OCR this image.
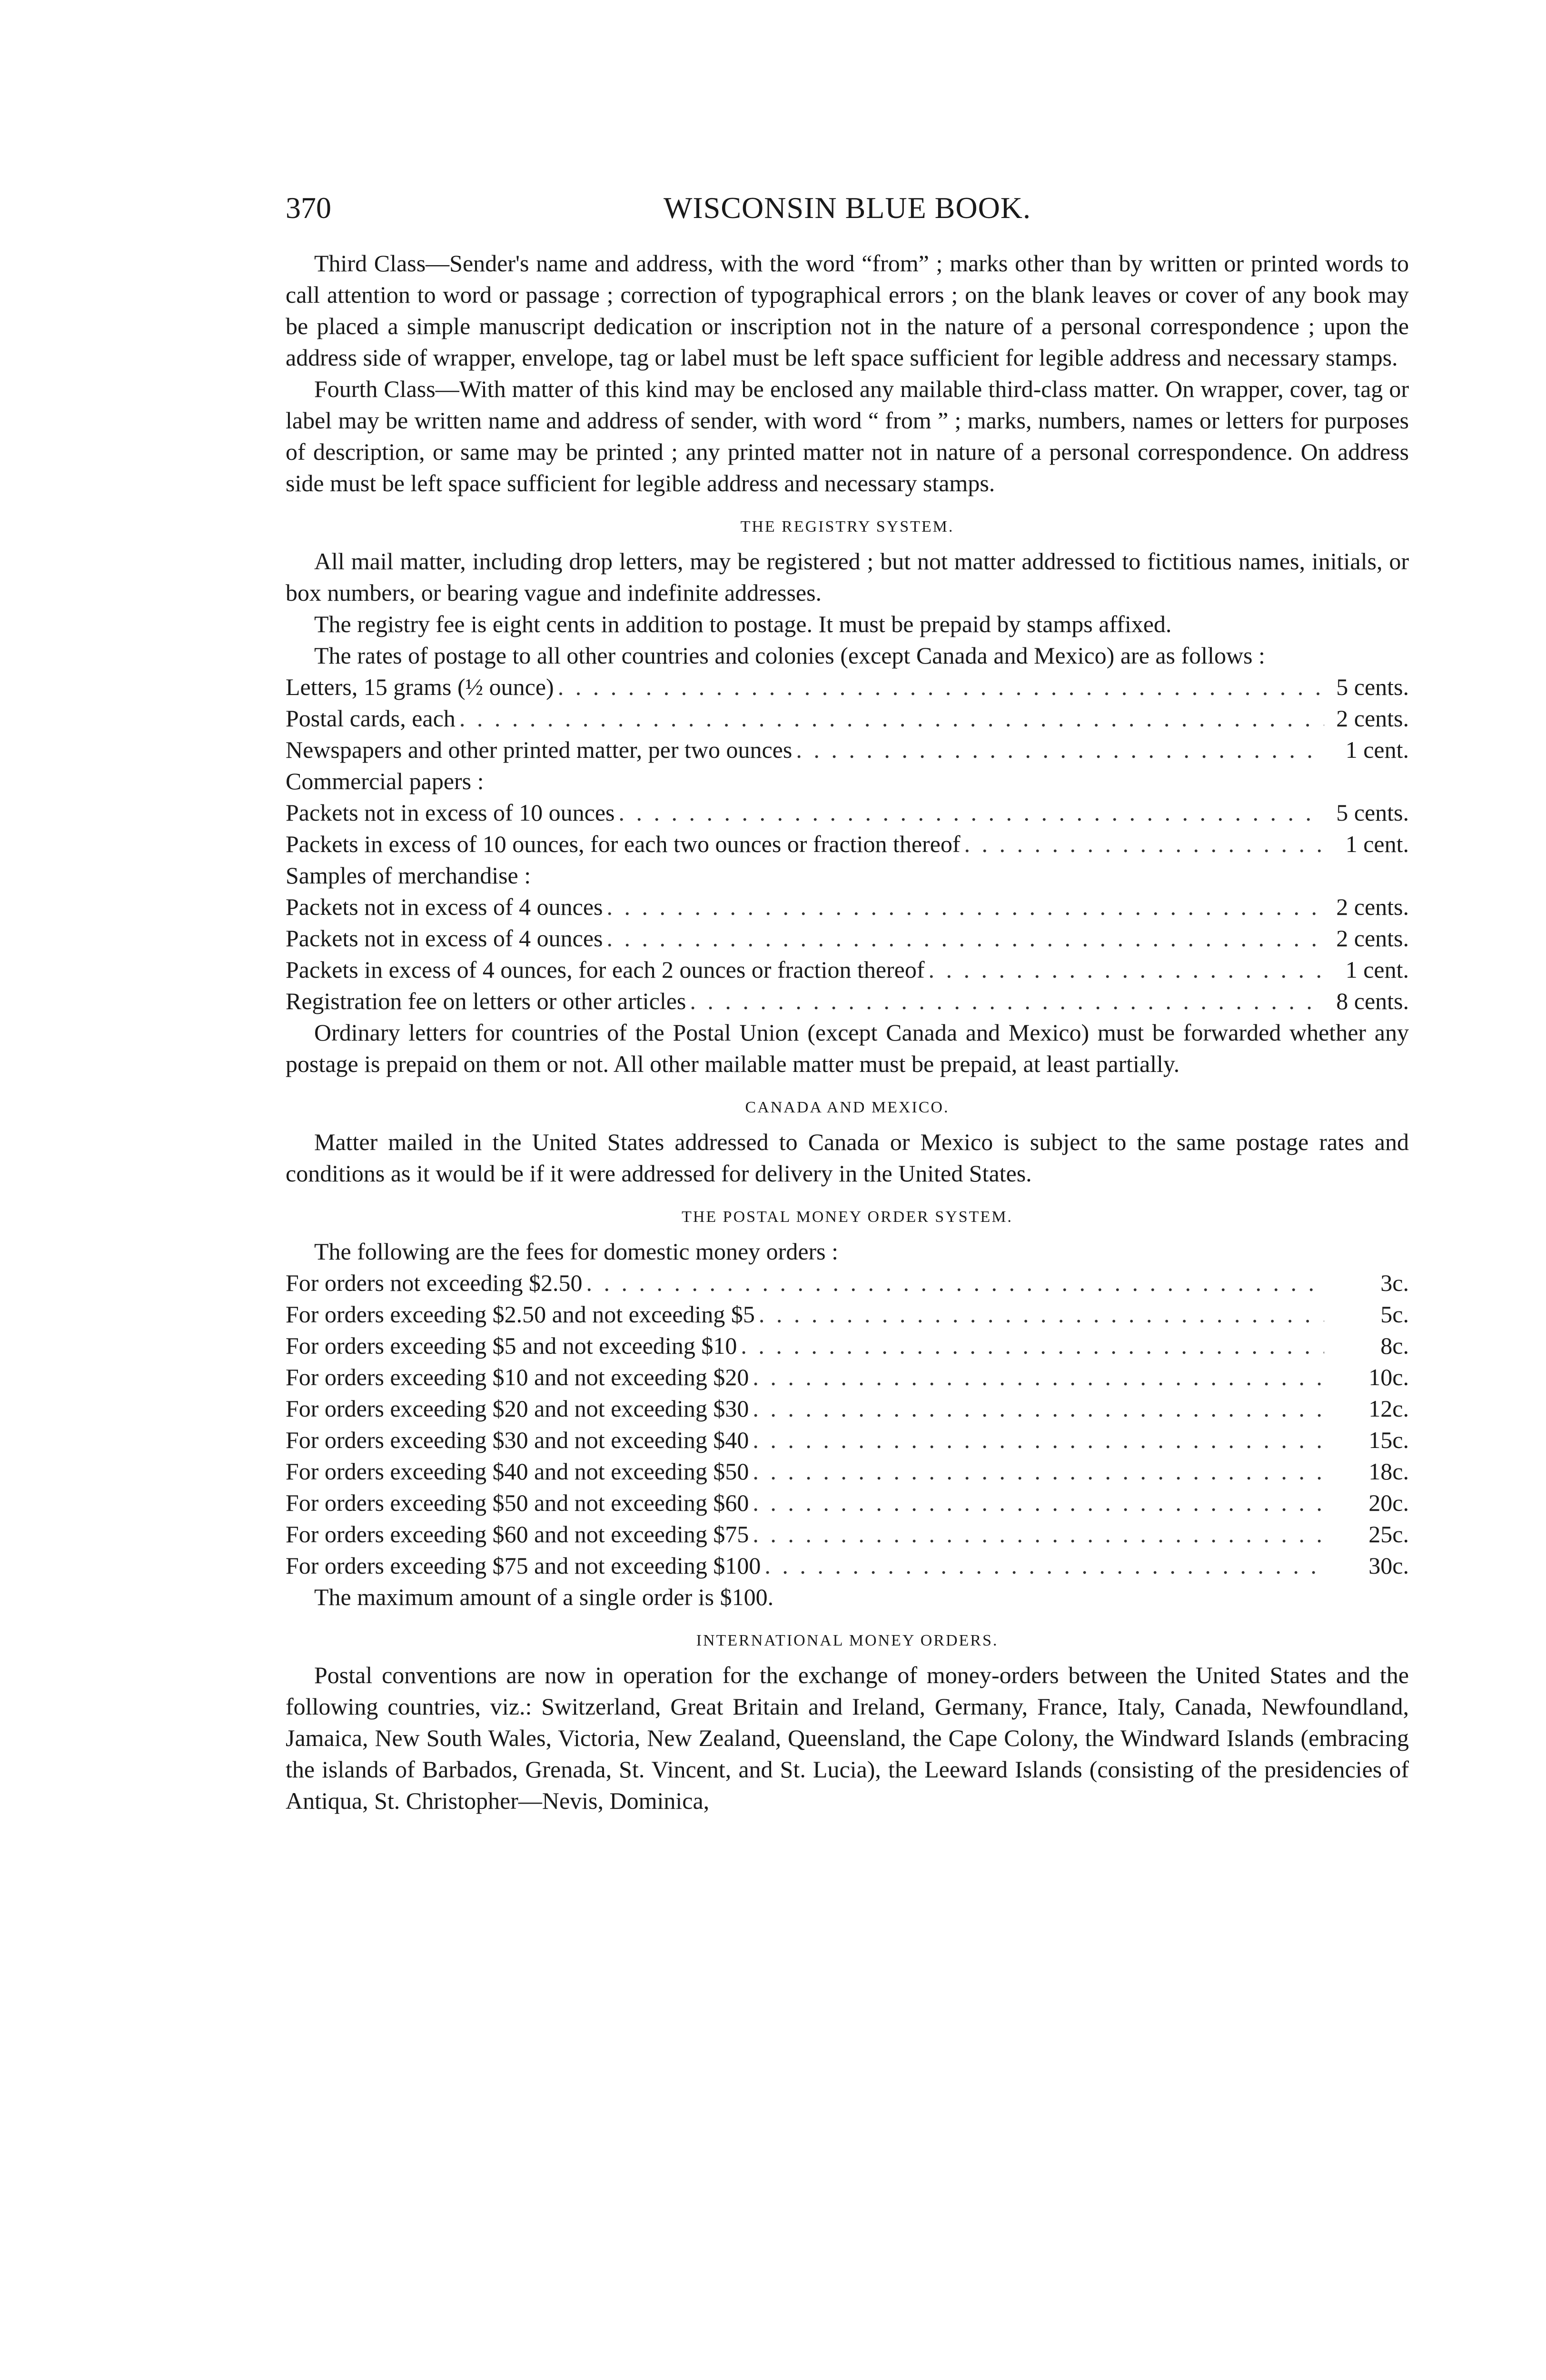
370	WISCONSIN BLUE BOOK.

Third Class—Sender's name and address, with the word “from” ; marks other than by written or printed words to call attention to word or passage ; correction of typographical errors ; on the blank leaves or cover of any book may be placed a simple manuscript dedication or inscription not in the nature of a personal correspondence ; upon the address side of wrapper, envelope, tag or label must be left space sufficient for legible address and necessary stamps.

Fourth Class—With matter of this kind may be enclosed any mailable third-class matter. On wrapper, cover, tag or label may be written name and address of sender, with word “ from ” ; marks, numbers, names or letters for purposes of description, or same may be printed ; any printed matter not in nature of a personal correspondence. On address side must be left space sufficient for legible address and necessary stamps.

THE REGISTRY SYSTEM.

All mail matter, including drop letters, may be registered ; but not matter addressed to fictitious names, initials, or box numbers, or bearing vague and indefinite addresses.

The registry fee is eight cents in addition to postage. It must be prepaid by stamps affixed.

The rates of postage to all other countries and colonies (except Canada and Mexico) are as follows :

Letters, 15 grams (½ ounce) . . .	5 cents.
Postal cards, each . . .	2 cents.
Newspapers and other printed matter, per two ounces . . .	1 cent.
Commercial papers :
Packets not in excess of 10 ounces . . .	5 cents.
Packets in excess of 10 ounces, for each two ounces or fraction thereof . . .	1 cent.
Samples of merchandise :
Packets not in excess of 4 ounces . . .	2 cents.
Packets not in excess of 4 ounces . . .	2 cents.
Packets in excess of 4 ounces, for each 2 ounces or fraction thereof . . .	1 cent.
Registration fee on letters or other articles . . .	8 cents.

Ordinary letters for countries of the Postal Union (except Canada and Mexico) must be forwarded whether any postage is prepaid on them or not. All other mailable matter must be prepaid, at least partially.

CANADA AND MEXICO.

Matter mailed in the United States addressed to Canada or Mexico is subject to the same postage rates and conditions as it would be if it were addressed for delivery in the United States.

THE POSTAL MONEY ORDER SYSTEM.

The following are the fees for domestic money orders :

For orders not exceeding $2.50 . . .	3c.
For orders exceeding $2.50 and not exceeding $5 . . .	5c.
For orders exceeding $5 and not exceeding $10 . . .	8c.
For orders exceeding $10 and not exceeding $20 . . .	10c.
For orders exceeding $20 and not exceeding $30 . . .	12c.
For orders exceeding $30 and not exceeding $40 . . .	15c.
For orders exceeding $40 and not exceeding $50 . . .	18c.
For orders exceeding $50 and not exceeding $60 . . .	20c.
For orders exceeding $60 and not exceeding $75 . . .	25c.
For orders exceeding $75 and not exceeding $100 . . .	30c.

The maximum amount of a single order is $100.

INTERNATIONAL MONEY ORDERS.

Postal conventions are now in operation for the exchange of money-orders between the United States and the following countries, viz.: Switzerland, Great Britain and Ireland, Germany, France, Italy, Canada, Newfoundland, Jamaica, New South Wales, Victoria, New Zealand, Queensland, the Cape Colony, the Windward Islands (embracing the islands of Barbados, Grenada, St. Vincent, and St. Lucia), the Leeward Islands (consisting of the presidencies of Antiqua, St. Christopher—Nevis, Dominica,
